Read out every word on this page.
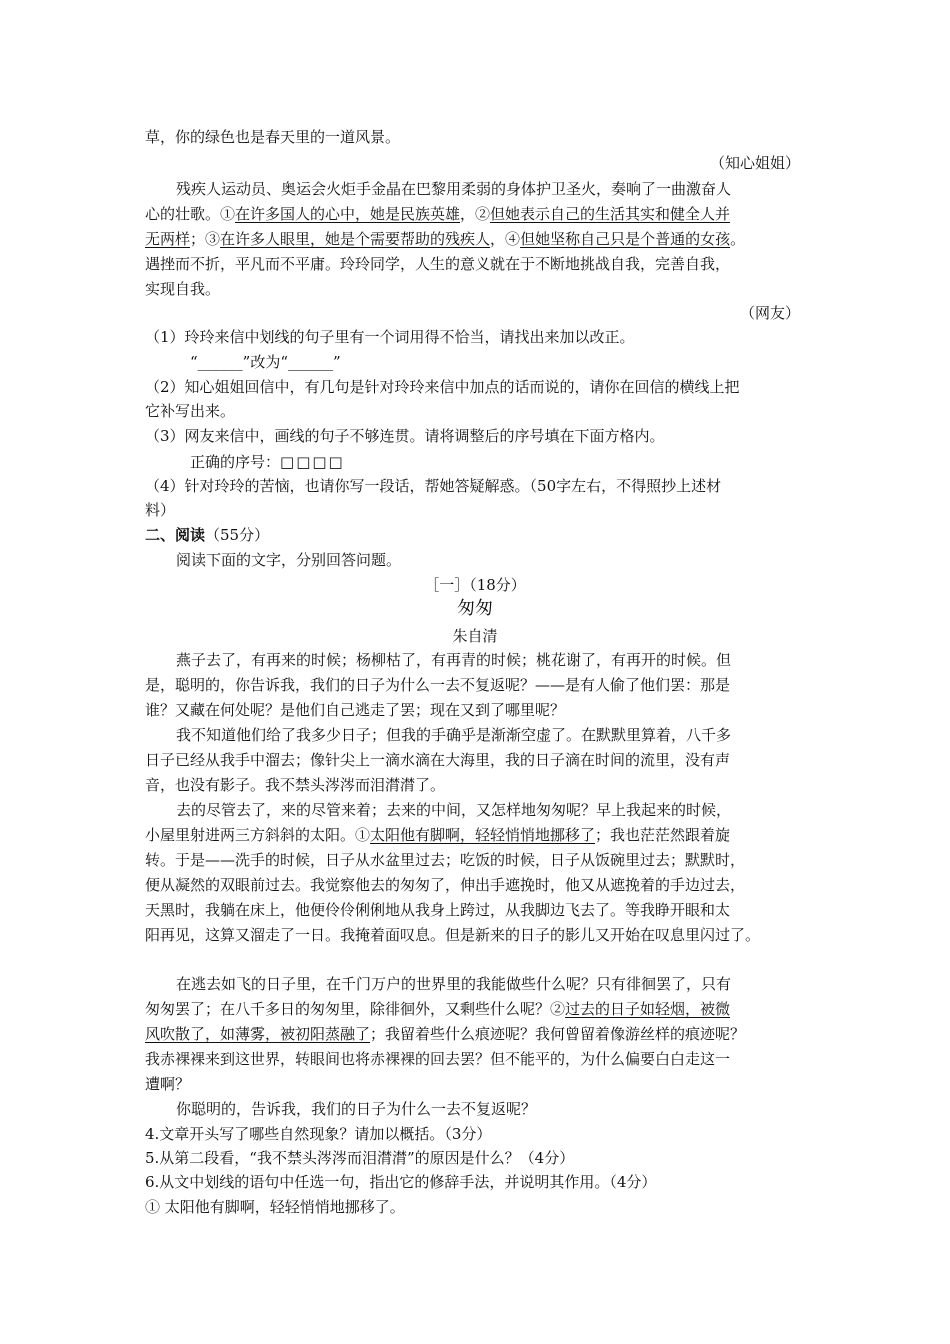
草，你的绿色也是春天里的一道风景。
（知心姐姐）
残疾人运动员、奥运会火炬手金晶在巴黎用柔弱的身体护卫圣火，奏响了一曲激奋人
心的壮歌。①在许多国人的心中，她是民族英雄，②但她表示自己的生活其实和健全人并
无两样；③在许多人眼里，她是个需要帮助的残疾人，④但她坚称自己只是个普通的女孩。
遇挫而不折，平凡而不平庸。玲玲同学，人生的意义就在于不断地挑战自我，完善自我，
实现自我。
（网友）
（1）玲玲来信中划线的句子里有一个词用得不恰当，请找出来加以改正。
“______”改为“______”
（2）知心姐姐回信中，有几句是针对玲玲来信中加点的话而说的，请你在回信的横线上把
它补写出来。
（3）网友来信中，画线的句子不够连贯。请将调整后的序号填在下面方格内。
正确的序号：□□□□
（4）针对玲玲的苦恼，也请你写一段话，帮她答疑解惑。（50字左右，不得照抄上述材
料）
二、阅读（55分）
阅读下面的文字，分别回答问题。
［一］（18分）
匆匆
朱自清
燕子去了，有再来的时候；杨柳枯了，有再青的时候；桃花谢了，有再开的时候。但
是，聪明的，你告诉我，我们的日子为什么一去不复返呢？——是有人偷了他们罢：那是
谁？又藏在何处呢？是他们自己逃走了罢；现在又到了哪里呢？
我不知道他们给了我多少日子；但我的手确乎是渐渐空虚了。在默默里算着，八千多
日子已经从我手中溜去；像针尖上一滴水滴在大海里，我的日子滴在时间的流里，没有声
音，也没有影子。我不禁头涔涔而泪潸潸了。
去的尽管去了，来的尽管来着；去来的中间，又怎样地匆匆呢？早上我起来的时候，
小屋里射进两三方斜斜的太阳。①太阳他有脚啊，轻轻悄悄地挪移了；我也茫茫然跟着旋
转。于是——洗手的时候，日子从水盆里过去；吃饭的时候，日子从饭碗里过去；默默时，
便从凝然的双眼前过去。我觉察他去的匆匆了，伸出手遮挽时，他又从遮挽着的手边过去，
天黑时，我躺在床上，他便伶伶俐俐地从我身上跨过，从我脚边飞去了。等我睁开眼和太
阳再见，这算又溜走了一日。我掩着面叹息。但是新来的日子的影儿又开始在叹息里闪过了。
在逃去如飞的日子里，在千门万户的世界里的我能做些什么呢？只有徘徊罢了，只有
匆匆罢了；在八千多日的匆匆里，除徘徊外，又剩些什么呢？②过去的日子如轻烟，被微
风吹散了，如薄雾，被初阳蒸融了；我留着些什么痕迹呢？我何曾留着像游丝样的痕迹呢？
我赤裸裸来到这世界，转眼间也将赤裸裸的回去罢？但不能平的，为什么偏要白白走这一
遭啊？
你聪明的，告诉我，我们的日子为什么一去不复返呢？
4.文章开头写了哪些自然现象？请加以概括。（3分）
5.从第二段看，“我不禁头涔涔而泪潸潸”的原因是什么？（4分）
6.从文中划线的语句中任选一句，指出它的修辞手法，并说明其作用。（4分）
① 太阳他有脚啊，轻轻悄悄地挪移了。
